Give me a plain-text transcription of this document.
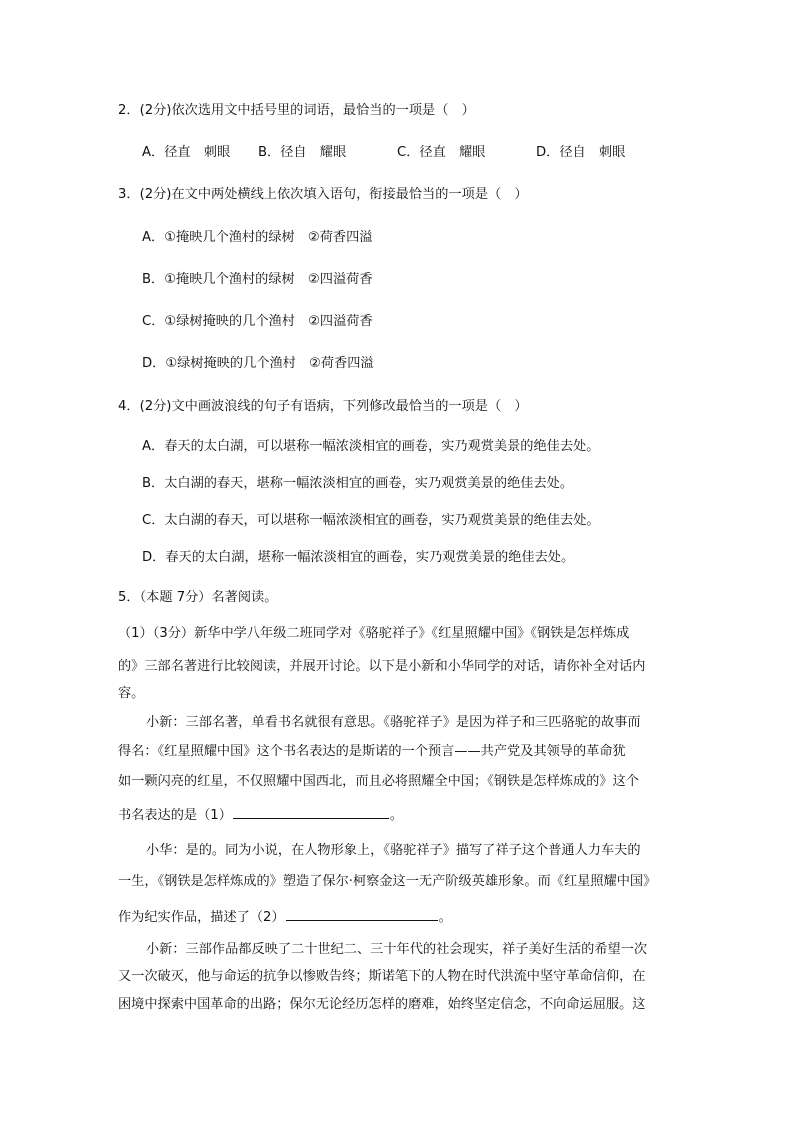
2．(2分)依次选用文中括号里的词语，最恰当的一项是（　）
A．径直　刺眼 B．径自　耀眼	C．径直　耀眼	D．径自　刺眼
3．(2分)在文中两处横线上依次填入语句，衔接最恰当的一项是（　）
A．①掩映几个渔村的绿树　②荷香四溢
B．①掩映几个渔村的绿树　②四溢荷香
C．①绿树掩映的几个渔村　②四溢荷香
D．①绿树掩映的几个渔村　②荷香四溢
4．(2分)文中画波浪线的句子有语病，下列修改最恰当的一项是（　）
A．春天的太白湖，可以堪称一幅浓淡相宜的画卷，实乃观赏美景的绝佳去处。
B．太白湖的春天，堪称一幅浓淡相宜的画卷，实乃观赏美景的绝佳去处。
C．太白湖的春天，可以堪称一幅浓淡相宜的画卷，实乃观赏美景的绝佳去处。
D．春天的太白湖，堪称一幅浓淡相宜的画卷，实乃观赏美景的绝佳去处。
5．（本题 7分）名著阅读。
（1）（3分）新华中学八年级二班同学对《骆驼祥子》《红星照耀中国》《钢铁是怎样炼成
的》三部名著进行比较阅读，并展开讨论。以下是小新和小华同学的对话，请你补全对话内
容。
小新：三部名著，单看书名就很有意思。《骆驼祥子》是因为祥子和三匹骆驼的故事而
得名：《红星照耀中国》这个书名表达的是斯诺的一个预言——共产党及其领导的革命犹
如一颗闪亮的红星，不仅照耀中国西北，而且必将照耀全中国；《钢铁是怎样炼成的》这个
书名表达的是（1）	。
小华：是的。同为小说，在人物形象上，《骆驼祥子》描写了祥子这个普通人力车夫的
一生，《钢铁是怎样炼成的》塑造了保尔·柯察金这一无产阶级英雄形象。而《红星照耀中国》
作为纪实作品，描述了（2）	。
小新：三部作品都反映了二十世纪二、三十年代的社会现实，祥子美好生活的希望一次
又一次破灭，他与命运的抗争以惨败告终；斯诺笔下的人物在时代洪流中坚守革命信仰，在
困境中探索中国革命的出路；保尔无论经历怎样的磨难，始终坚定信念，不向命运屈服。这
